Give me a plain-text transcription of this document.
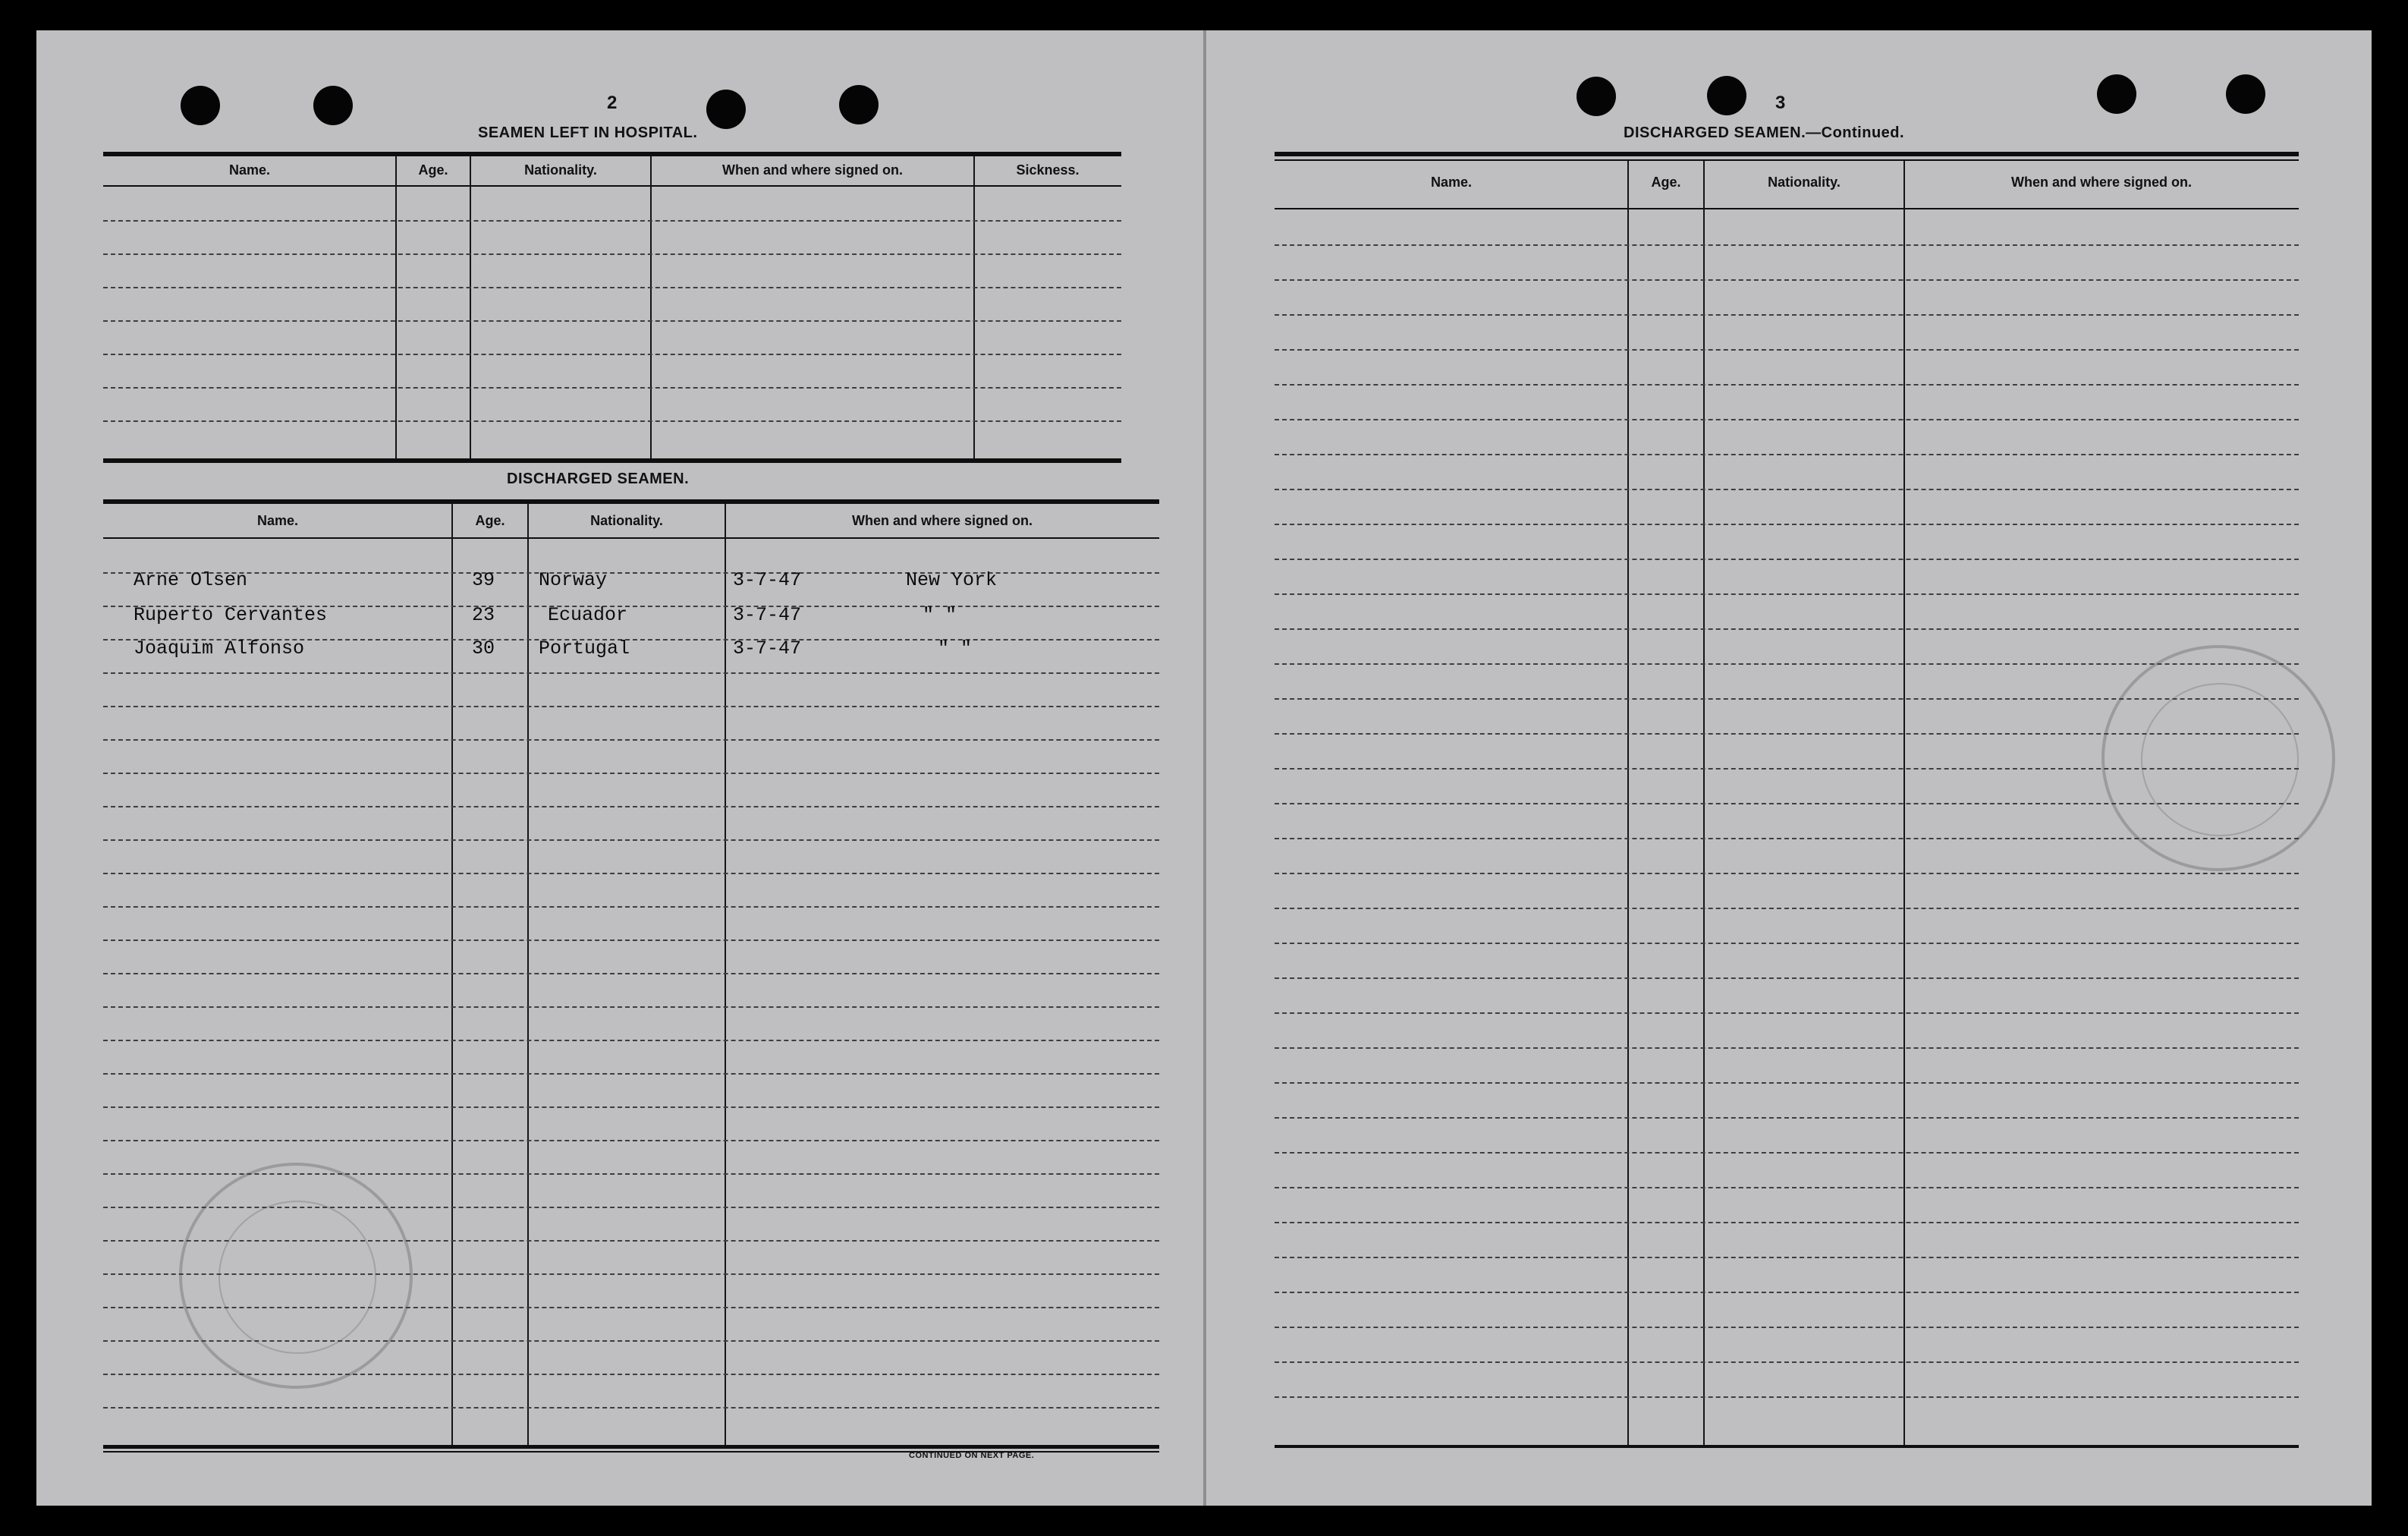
2
SEAMEN LEFT IN HOSPITAL.
Name.	Age.	Nationality.	When and where signed on.	Sickness.
DISCHARGED SEAMEN.
Name.	Age.	Nationality.	When and where signed on.
Arne Olsen	39 Norway	3-7-47	New York
Ruperto Cervantes	23	Ecuador	3-7-47	" "
Joaquim Alfonso	30 Portugal	3-7-47	" "
CONTINUED ON NEXT PAGE.
3
DISCHARGED SEAMEN.—Continued.
Name.	Age.	Nationality.	When and where signed on.
